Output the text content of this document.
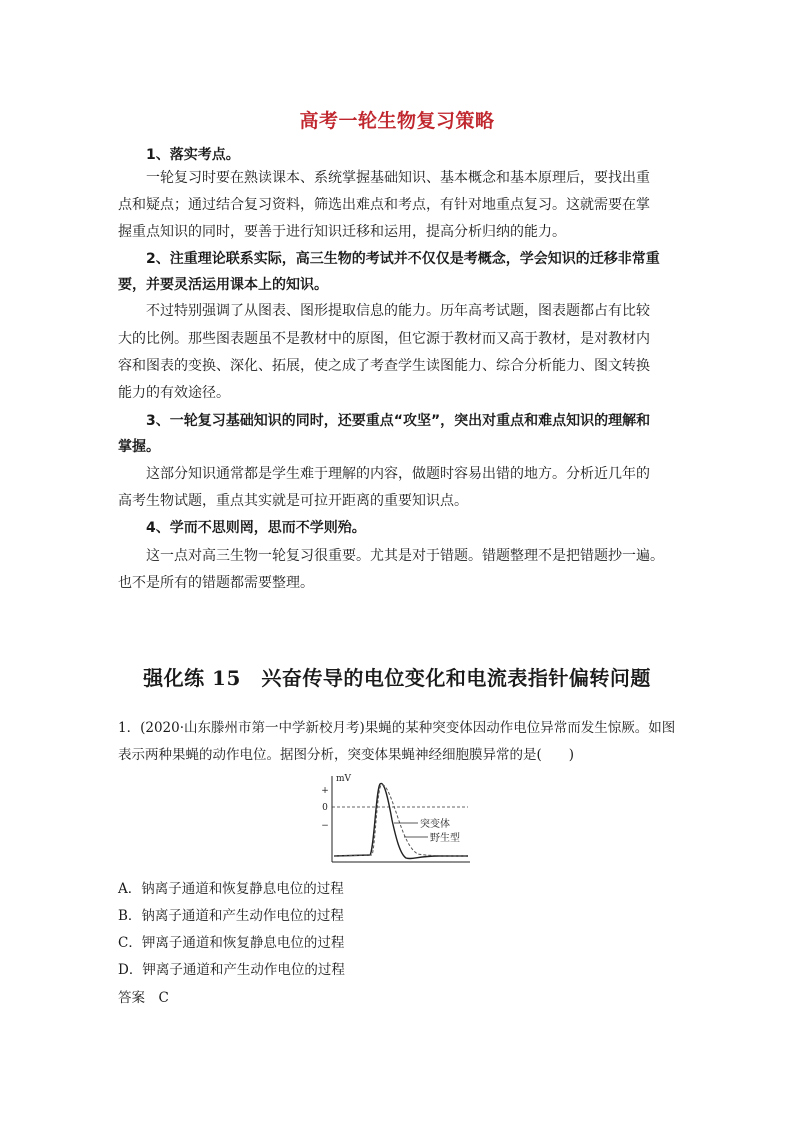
高考一轮生物复习策略
1、落实考点。
一轮复习时要在熟读课本、系统掌握基础知识、基本概念和基本原理后，要找出重
点和疑点；通过结合复习资料，筛选出难点和考点，有针对地重点复习。这就需要在掌
握重点知识的同时，要善于进行知识迁移和运用，提高分析归纳的能力。
2、注重理论联系实际，高三生物的考试并不仅仅是考概念，学会知识的迁移非常重
要，并要灵活运用课本上的知识。
不过特别强调了从图表、图形提取信息的能力。历年高考试题，图表题都占有比较
大的比例。那些图表题虽不是教材中的原图，但它源于教材而又高于教材，是对教材内
容和图表的变换、深化、拓展，使之成了考查学生读图能力、综合分析能力、图文转换
能力的有效途径。
3、一轮复习基础知识的同时，还要重点“攻坚”，突出对重点和难点知识的理解和
掌握。
这部分知识通常都是学生难于理解的内容，做题时容易出错的地方。分析近几年的
高考生物试题，重点其实就是可拉开距离的重要知识点。
4、学而不思则罔，思而不学则殆。
这一点对高三生物一轮复习很重要。尤其是对于错题。错题整理不是把错题抄一遍。
也不是所有的错题都需要整理。
强化练 15　兴奋传导的电位变化和电流表指针偏转问题
1．(2020·山东滕州市第一中学新校月考)果蝇的某种突变体因动作电位异常而发生惊厥。如图
表示两种果蝇的动作电位。据图分析，突变体果蝇神经细胞膜异常的是(　　)
mV
+
0
−	突变体
野生型
A．钠离子通道和恢复静息电位的过程
B．钠离子通道和产生动作电位的过程
C．钾离子通道和恢复静息电位的过程
D．钾离子通道和产生动作电位的过程
答案　C
